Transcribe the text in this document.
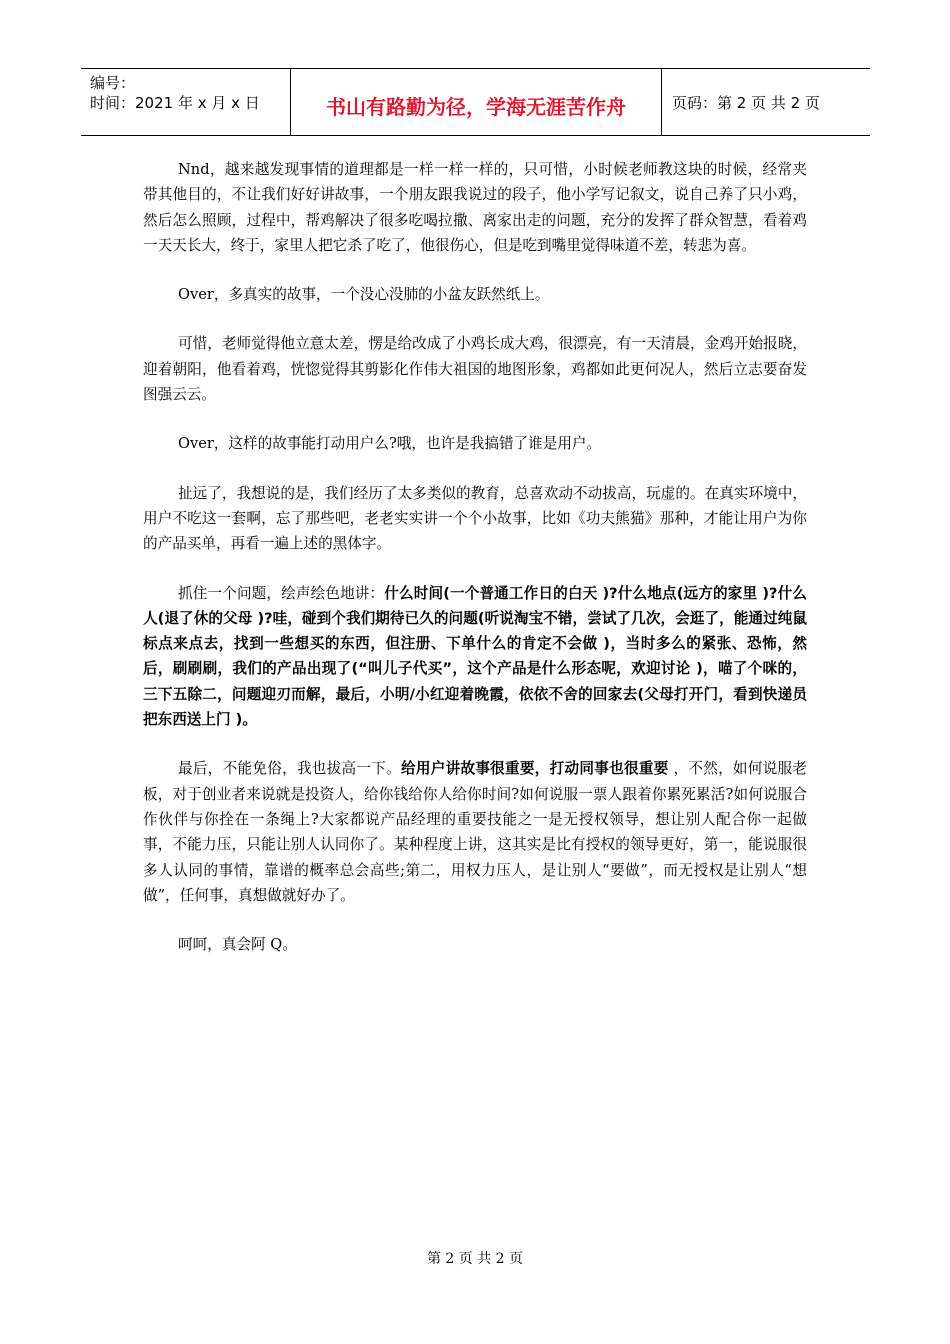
编号：
时间：2021 年 x 月 x 日	书山有路勤为径，学海无涯苦作舟	页码：第 2 页 共 2 页

Nnd，越来越发现事情的道理都是一样一样一样的，只可惜，小时候老师教这块的时候，经常夹带其他目的，不让我们好好讲故事，一个朋友跟我说过的段子，他小学写记叙文，说自己养了只小鸡，然后怎么照顾，过程中，帮鸡解决了很多吃喝拉撒、离家出走的问题，充分的发挥了群众智慧，看着鸡一天天长大，终于，家里人把它杀了吃了，他很伤心，但是吃到嘴里觉得味道不差，转悲为喜。

Over，多真实的故事，一个没心没肺的小盆友跃然纸上。

可惜，老师觉得他立意太差，愣是给改成了小鸡长成大鸡，很漂亮，有一天清晨，金鸡开始报晓，迎着朝阳，他看着鸡，恍惚觉得其剪影化作伟大祖国的地图形象，鸡都如此更何况人，然后立志要奋发图强云云。

Over，这样的故事能打动用户么?哦，也许是我搞错了谁是用户。

扯远了，我想说的是，我们经历了太多类似的教育，总喜欢动不动拔高，玩虚的。在真实环境中，用户不吃这一套啊，忘了那些吧，老老实实讲一个个小故事，比如《功夫熊猫》那种，才能让用户为你的产品买单，再看一遍上述的黑体字。

抓住一个问题，绘声绘色地讲：什么时间(一个普通工作日的白天 )?什么地点(远方的家里 )?什么人(退了休的父母 )?哇，碰到个我们期待已久的问题(听说淘宝不错，尝试了几次，会逛了，能通过纯鼠标点来点去，找到一些想买的东西，但注册、下单什么的肯定不会做 )，当时多么的紧张、恐怖，然后，刷刷刷，我们的产品出现了(“叫儿子代买”，这个产品是什么形态呢，欢迎讨论 )，喵了个咪的，三下五除二，问题迎刃而解，最后，小明/小红迎着晚霞，依依不舍的回家去(父母打开门，看到快递员把东西送上门 )。

最后，不能免俗，我也拔高一下。给用户讲故事很重要，打动同事也很重要 ，不然，如何说服老板，对于创业者来说就是投资人，给你钱给你人给你时间?如何说服一票人跟着你累死累活?如何说服合作伙伴与你拴在一条绳上?大家都说产品经理的重要技能之一是无授权领导，想让别人配合你一起做事，不能力压，只能让别人认同你了。某种程度上讲，这其实是比有授权的领导更好，第一，能说服很多人认同的事情，靠谱的概率总会高些;第二，用权力压人，是让别人“要做”，而无授权是让别人“想做”，任何事，真想做就好办了。

呵呵，真会阿 Q。

第 2 页 共 2 页
